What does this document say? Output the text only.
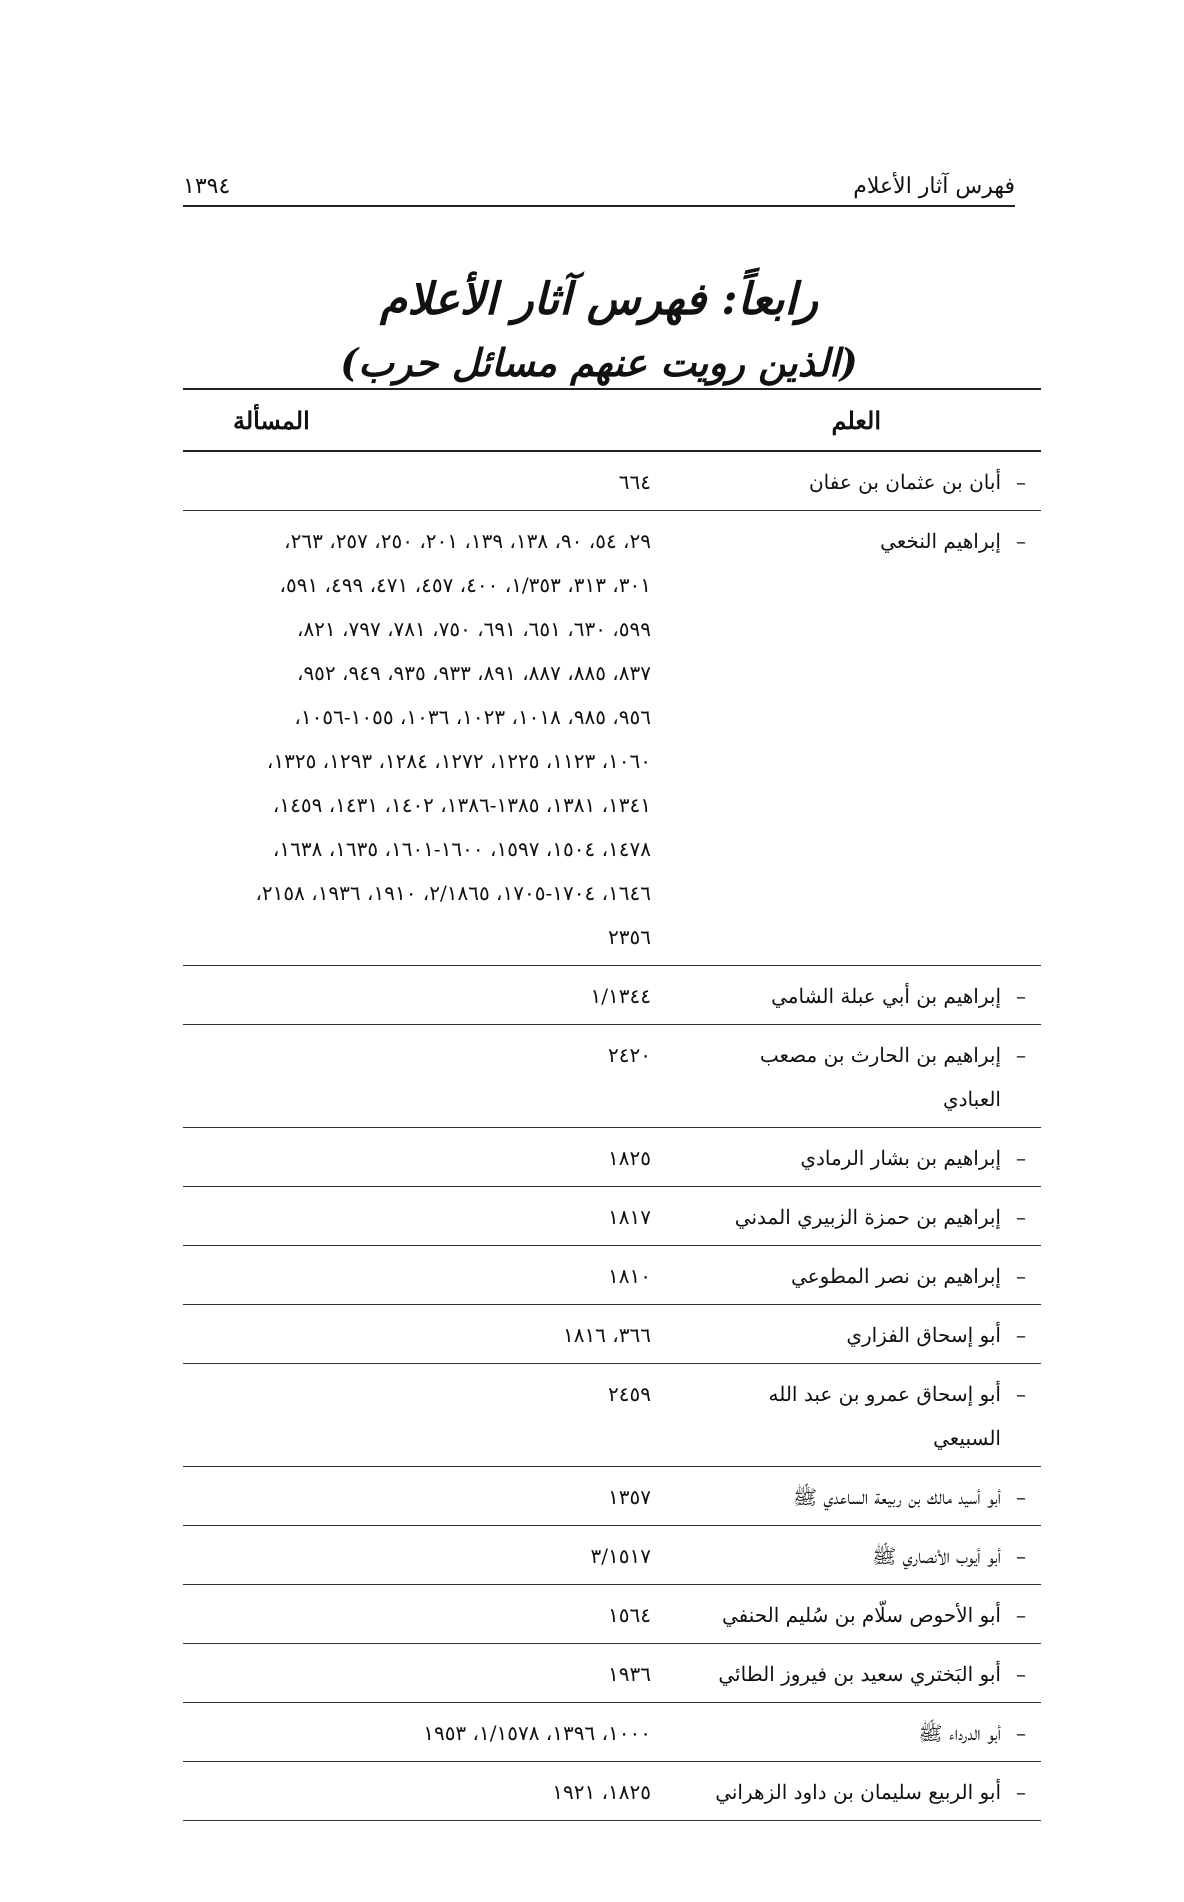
فهرس آثار الأعلام
١٣٩٤
رابعاً: فهرس آثار الأعلام
(الذين رويت عنهم مسائل حرب)
العلم
المسألة
–
أبان بن عثمان بن عفان
٦٦٤
–
إبراهيم النخعي
٢٩، ٥٤، ٩٠، ١٣٨، ١٣٩، ٢٠١، ٢٥٠، ٢٥٧، ٢٦٣،
٣٠١، ٣١٣، ١/٣٥٣، ٤٠٠، ٤٥٧، ٤٧١، ٤٩٩، ٥٩١،
٥٩٩، ٦٣٠، ٦٥١، ٦٩١، ٧٥٠، ٧٨١، ٧٩٧، ٨٢١،
٨٣٧، ٨٨٥، ٨٨٧، ٨٩١، ٩٣٣، ٩٣٥، ٩٤٩، ٩٥٢،
٩٥٦، ٩٨٥، ١٠١٨، ١٠٢٣، ١٠٣٦، ١٠٥٥-١٠٥٦،
١٠٦٠، ١١٢٣، ١٢٢٥، ١٢٧٢، ١٢٨٤، ١٢٩٣، ١٣٢٥،
١٣٤١، ١٣٨١، ١٣٨٥-١٣٨٦، ١٤٠٢، ١٤٣١، ١٤٥٩،
١٤٧٨، ١٥٠٤، ١٥٩٧، ١٦٠٠-١٦٠١، ١٦٣٥، ١٦٣٨،
١٦٤٦، ١٧٠٤-١٧٠٥، ٢/١٨٦٥، ١٩١٠، ١٩٣٦، ٢١٥٨،
٢٣٥٦
–
إبراهيم بن أبي عبلة الشامي
١/١٣٤٤
–
إبراهيم بن الحارث بن مصعب العبادي
٢٤٢٠
–
إبراهيم بن بشار الرمادي
١٨٢٥
–
إبراهيم بن حمزة الزبيري المدني
١٨١٧
–
إبراهيم بن نصر المطوعي
١٨١٠
–
أبو إسحاق الفزاري
٣٦٦، ١٨١٦
–
أبو إسحاق عمرو بن عبد الله السبيعي
٢٤٥٩
–
أبو أسيد مالك بن ربيعة الساعدي ﷺ
١٣٥٧
–
أبو أيوب الأنصاري ﷺ
٣/١٥١٧
–
أبو الأحوص سلّام بن سُليم الحنفي
١٥٦٤
–
أبو البَختري سعيد بن فيروز الطائي
١٩٣٦
–
أبو الدرداء ﷺ
١٠٠٠، ١٣٩٦، ١/١٥٧٨، ١٩٥٣
–
أبو الربيع سليمان بن داود الزهراني
١٨٢٥، ١٩٢١
